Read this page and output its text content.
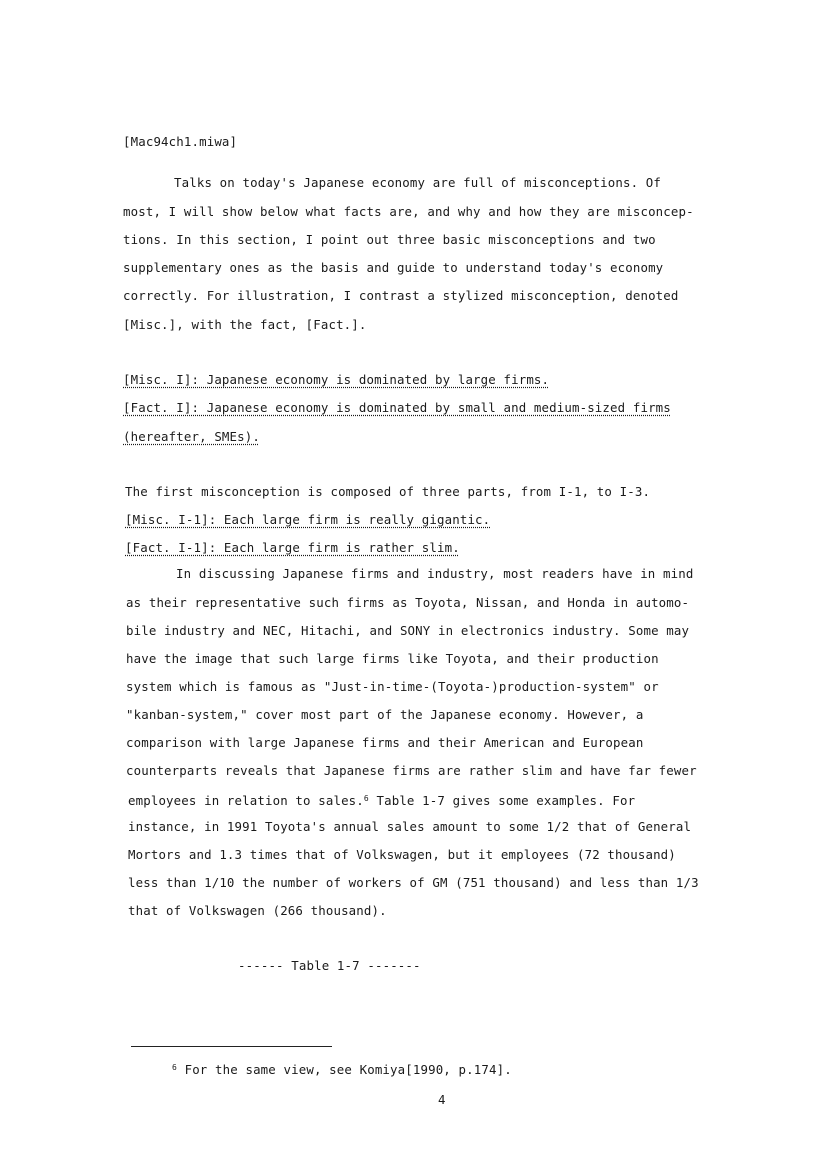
[Mac94ch1.miwa]
Talks on today's Japanese economy are full of misconceptions. Of
most, I will show below what facts are, and why and how they are misconcep-
tions. In this section, I point out three basic misconceptions and two
supplementary ones as the basis and guide to understand today's economy
correctly. For illustration, I contrast a stylized misconception, denoted
[Misc.], with the fact, [Fact.].
[Misc. I]: Japanese economy is dominated by large firms.
[Fact. I]: Japanese economy is dominated by small and medium-sized firms
(hereafter, SMEs).
The first misconception is composed of three parts, from I-1, to I-3.
[Misc. I-1]: Each large firm is really gigantic.
[Fact. I-1]: Each large firm is rather slim.
In discussing Japanese firms and industry, most readers have in mind
as their representative such firms as Toyota, Nissan, and Honda in automo-
bile industry and NEC, Hitachi, and SONY in electronics industry. Some may
have the image that such large firms like Toyota, and their production
system which is famous as "Just-in-time-(Toyota-)production-system" or
"kanban-system," cover most part of the Japanese economy. However, a
comparison with large Japanese firms and their American and European
counterparts reveals that Japanese firms are rather slim and have far fewer
employees in relation to sales.$^6$ Table 1-7 gives some examples. For
instance, in 1991 Toyota's annual sales amount to some 1/2 that of General
Mortors and 1.3 times that of Volkswagen, but it employees (72 thousand)
less than 1/10 the number of workers of GM (751 thousand) and less than 1/3
that of Volkswagen (266 thousand).
------ Table 1-7 -------
$^6$ For the same view, see Komiya[1990, p.174].
4
